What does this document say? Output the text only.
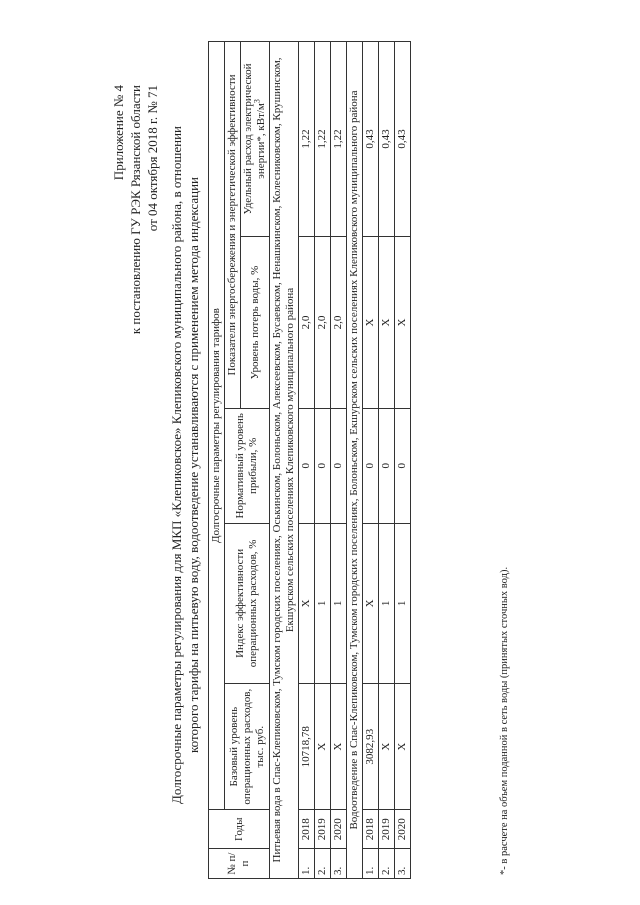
Приложение № 4 к постановлению ГУ РЭК Рязанской области от 04 октября 2018 г. № 71 Долгосрочные параметры регулирования для МКП «Клепиковское» Клепиковского муниципального района, в отношении которого тарифы на питьевую воду, водоотведение устанавливаются с применением метода индексации
№ п/п	Годы	Долгосрочные параметры регулирования тарифов				
		Базовый уровень операционных расходов, тыс. руб.	Индекс эффективности операционных расходов, %	Нормативный уровень прибыли, %	Показатели энергосбережения и энергетической эффективности	
					Уровень потерь воды, %	Удельный расход электрической энергии*, кВт/$м^3$
Питьевая вода в Спас-Клепиковском, Тумском городских поселениях, Оськинском, Болоньском, Алексеевском, Бусаевском, Ненашкинском, Колесниковском, Крушинском, Екшурском сельских поселениях Клепиковского муниципального района						
1.	2018	10718,78	Х	0	2,0	1,22
2.	2019	Х	1	0	2,0	1,22
3.	2020	Х	1	0	2,0	1,22
Водоотведение в Спас-Клепиковском, Тумском городских поселениях, Болоньском, Екшурском сельских поселениях Клепиковского муниципального района						
1.	2018	3082,93	Х	0	Х	0,43
2.	2019	Х	1	0	Х	0,43
3.	2020	Х	1	0	Х	0,43
*- в расчете на объем поданной в сеть воды (принятых сточных вод).
